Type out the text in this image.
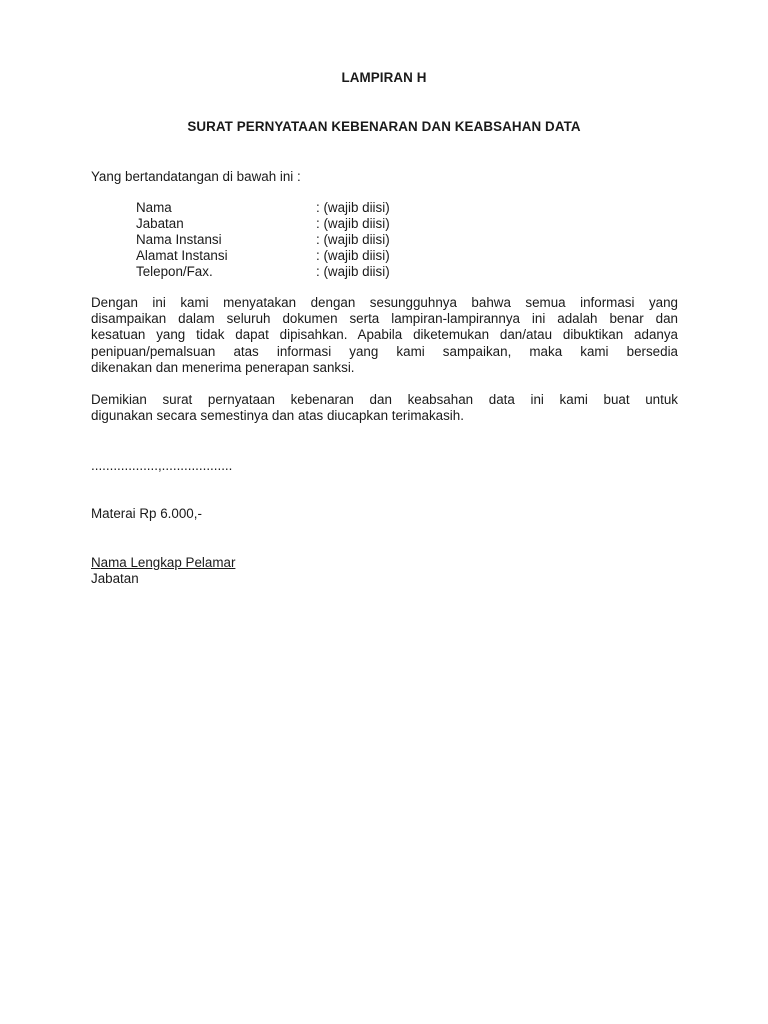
LAMPIRAN H
SURAT PERNYATAAN KEBENARAN DAN KEABSAHAN DATA
Yang bertandatangan di bawah ini :
Nama	: (wajib diisi)
Jabatan	: (wajib diisi)
Nama Instansi	: (wajib diisi)
Alamat Instansi	: (wajib diisi)
Telepon/Fax.	: (wajib diisi)
Dengan ini kami menyatakan dengan sesungguhnya bahwa semua informasi yang
disampaikan dalam seluruh dokumen serta lampiran-lampirannya ini adalah benar dan
kesatuan yang tidak dapat dipisahkan. Apabila diketemukan dan/atau dibuktikan adanya
penipuan/pemalsuan atas informasi yang kami sampaikan, maka kami bersedia
dikenakan dan menerima penerapan sanksi.
Demikian surat pernyataan kebenaran dan keabsahan data ini kami buat untuk
digunakan secara semestinya dan atas diucapkan terimakasih.
..................,...................
Materai Rp 6.000,-
Nama Lengkap Pelamar
Jabatan
